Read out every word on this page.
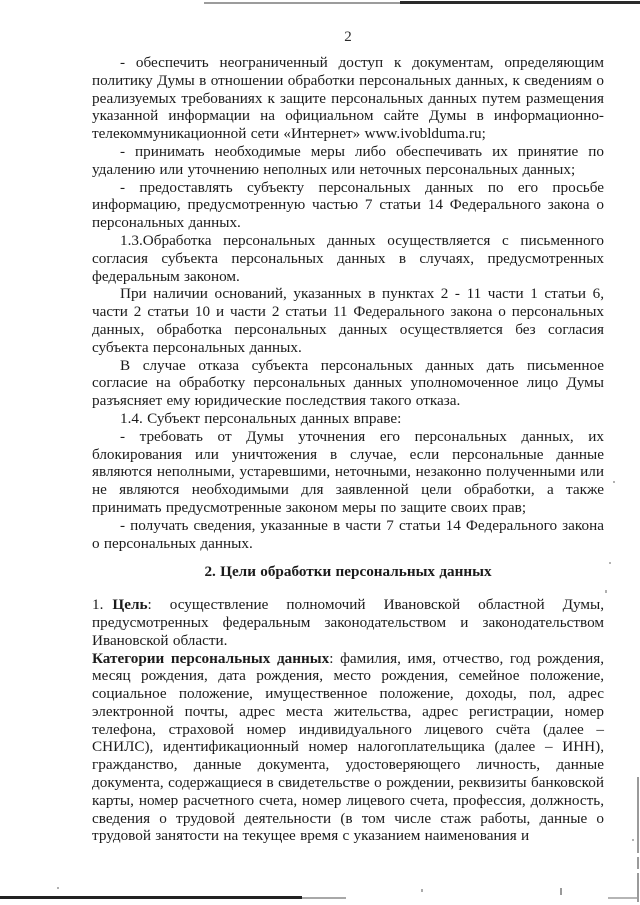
2

- обеспечить неограниченный доступ к документам, определяющим политику Думы в отношении обработки персональных данных, к сведениям о реализуемых требованиях к защите персональных данных путем размещения указанной информации на официальном сайте Думы в информационно-телекоммуникационной сети «Интернет» www.ivoblduma.ru;

- принимать необходимые меры либо обеспечивать их принятие по удалению или уточнению неполных или неточных персональных данных;

- предоставлять субъекту персональных данных по его просьбе информацию, предусмотренную частью 7 статьи 14 Федерального закона о персональных данных.

1.3.Обработка персональных данных осуществляется с письменного согласия субъекта персональных данных в случаях, предусмотренных федеральным законом.

При наличии оснований, указанных в пунктах 2 - 11 части 1 статьи 6, части 2 статьи 10 и части 2 статьи 11 Федерального закона о персональных данных, обработка персональных данных осуществляется без согласия субъекта персональных данных.

В случае отказа субъекта персональных данных дать письменное согласие на обработку персональных данных уполномоченное лицо Думы разъясняет ему юридические последствия такого отказа.

1.4. Субъект персональных данных вправе:

- требовать от Думы уточнения его персональных данных, их блокирования или уничтожения в случае, если персональные данные являются неполными, устаревшими, неточными, незаконно полученными или не являются необходимыми для заявленной цели обработки, а также принимать предусмотренные законом меры по защите своих прав;

- получать сведения, указанные в части 7 статьи 14 Федерального закона о персональных данных.

2. Цели обработки персональных данных

1. Цель: осуществление полномочий Ивановской областной Думы, предусмотренных федеральным законодательством и законодательством Ивановской области.

Категории персональных данных: фамилия, имя, отчество, год рождения, месяц рождения, дата рождения, место рождения, семейное положение, социальное положение, имущественное положение, доходы, пол, адрес электронной почты, адрес места жительства, адрес регистрации, номер телефона, страховой номер индивидуального лицевого счёта (далее – СНИЛС), идентификационный номер налогоплательщика (далее – ИНН), гражданство, данные документа, удостоверяющего личность, данные документа, содержащиеся в свидетельстве о рождении, реквизиты банковской карты, номер расчетного счета, номер лицевого счета, профессия, должность, сведения о трудовой деятельности (в том числе стаж работы, данные о трудовой занятости на текущее время с указанием наименования и
